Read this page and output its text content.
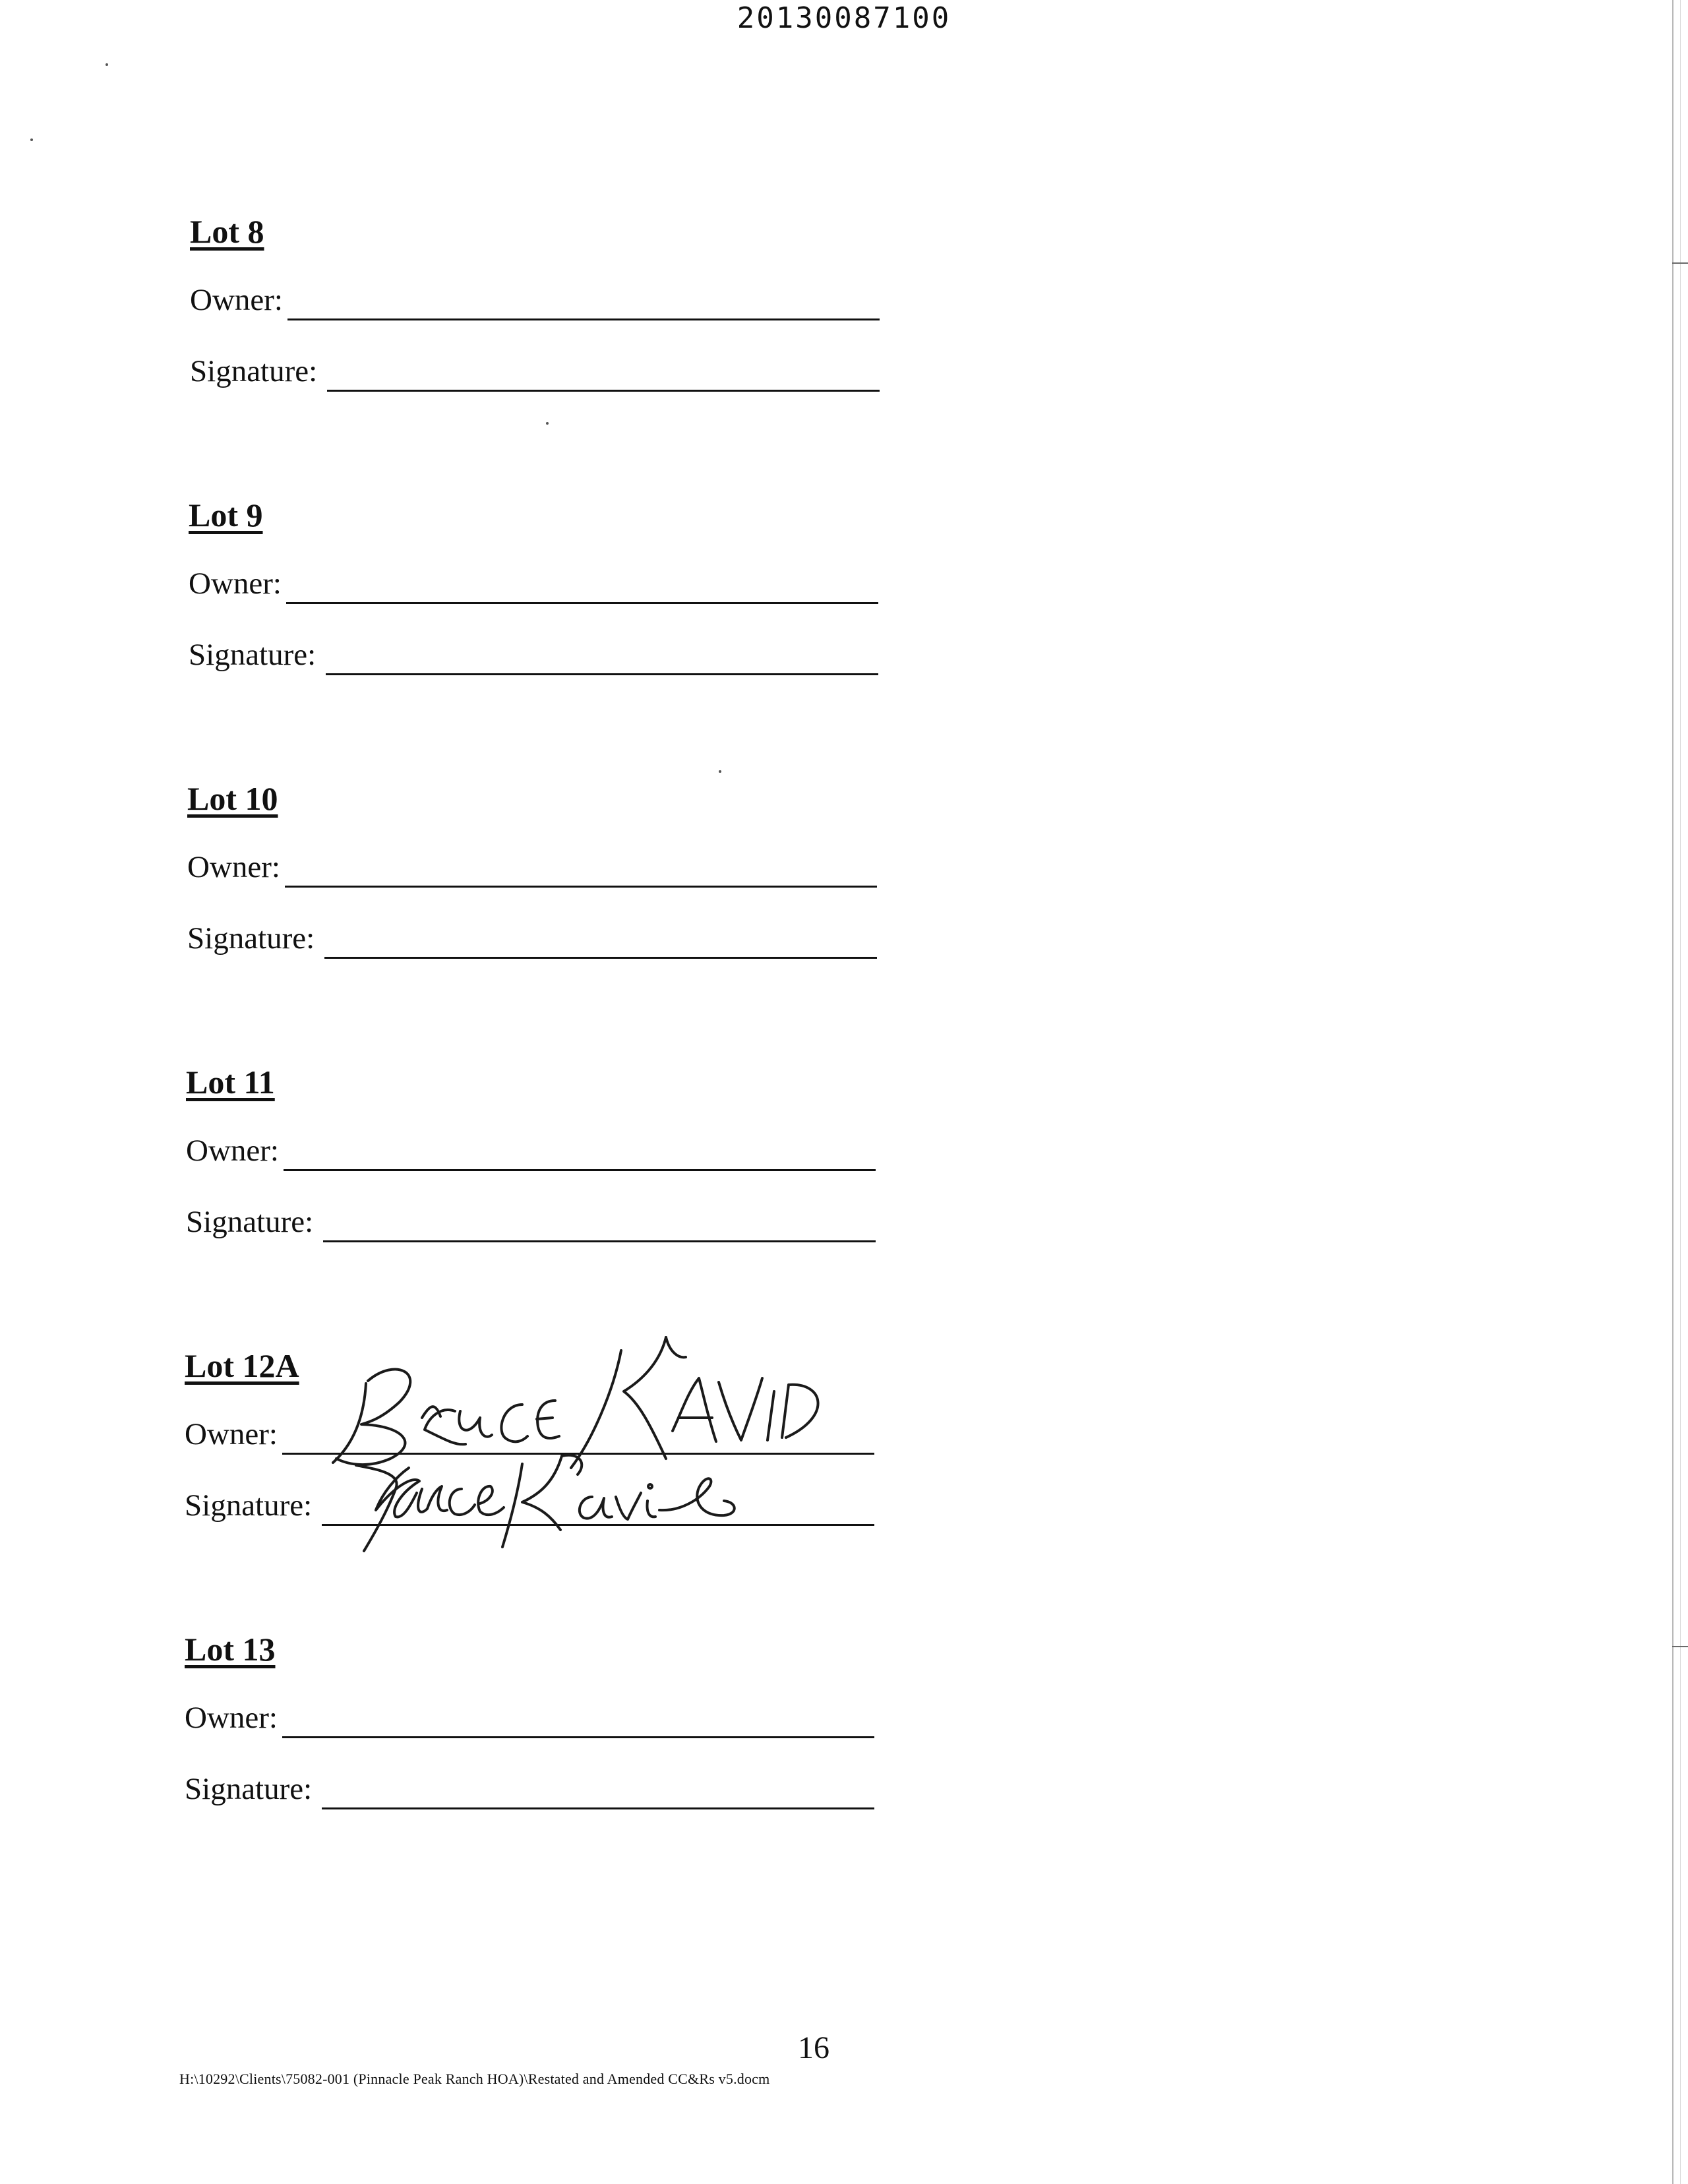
20130087100
Lot 8
Owner:
Signature:
Lot 9
Owner:
Signature:
Lot 10
Owner:
Signature:
Lot 11
Owner:
Signature:
Lot 12A
Owner:
Signature:
Lot 13
Owner:
Signature:
16
H:\10292\Clients\75082-001 (Pinnacle Peak Ranch HOA)\Restated and Amended CC&Rs v5.docm
